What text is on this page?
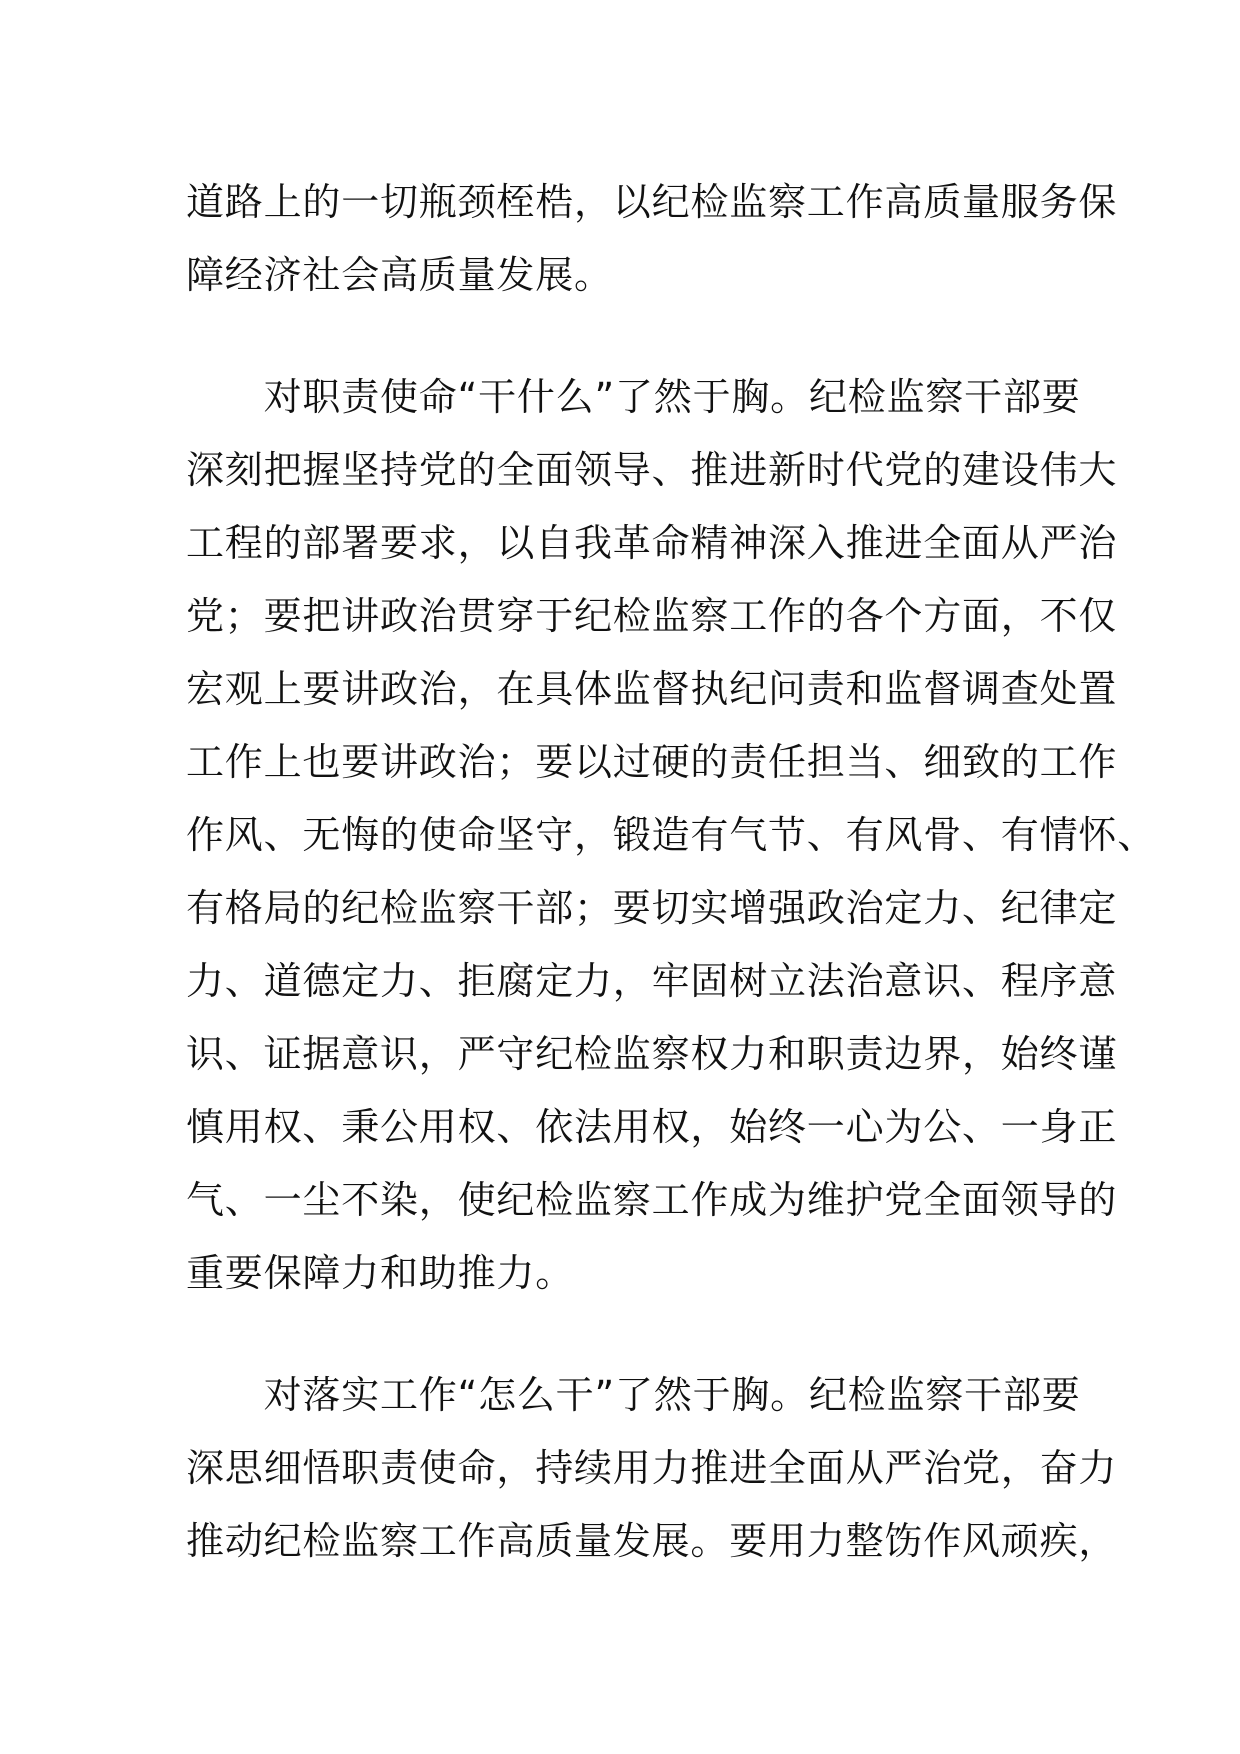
道路上的一切瓶颈桎梏，以纪检监察工作高质量服务保
障经济社会高质量发展。
　　对职责使命“干什么”了然于胸。纪检监察干部要
深刻把握坚持党的全面领导、推进新时代党的建设伟大
工程的部署要求，以自我革命精神深入推进全面从严治
党；要把讲政治贯穿于纪检监察工作的各个方面，不仅
宏观上要讲政治，在具体监督执纪问责和监督调查处置
工作上也要讲政治；要以过硬的责任担当、细致的工作
作风、无悔的使命坚守，锻造有气节、有风骨、有情怀、
有格局的纪检监察干部；要切实增强政治定力、纪律定
力、道德定力、拒腐定力，牢固树立法治意识、程序意
识、证据意识，严守纪检监察权力和职责边界，始终谨
慎用权、秉公用权、依法用权，始终一心为公、一身正
气、一尘不染，使纪检监察工作成为维护党全面领导的
重要保障力和助推力。
　　对落实工作“怎么干”了然于胸。纪检监察干部要
深思细悟职责使命，持续用力推进全面从严治党，奋力
推动纪检监察工作高质量发展。要用力整饬作风顽疾，
